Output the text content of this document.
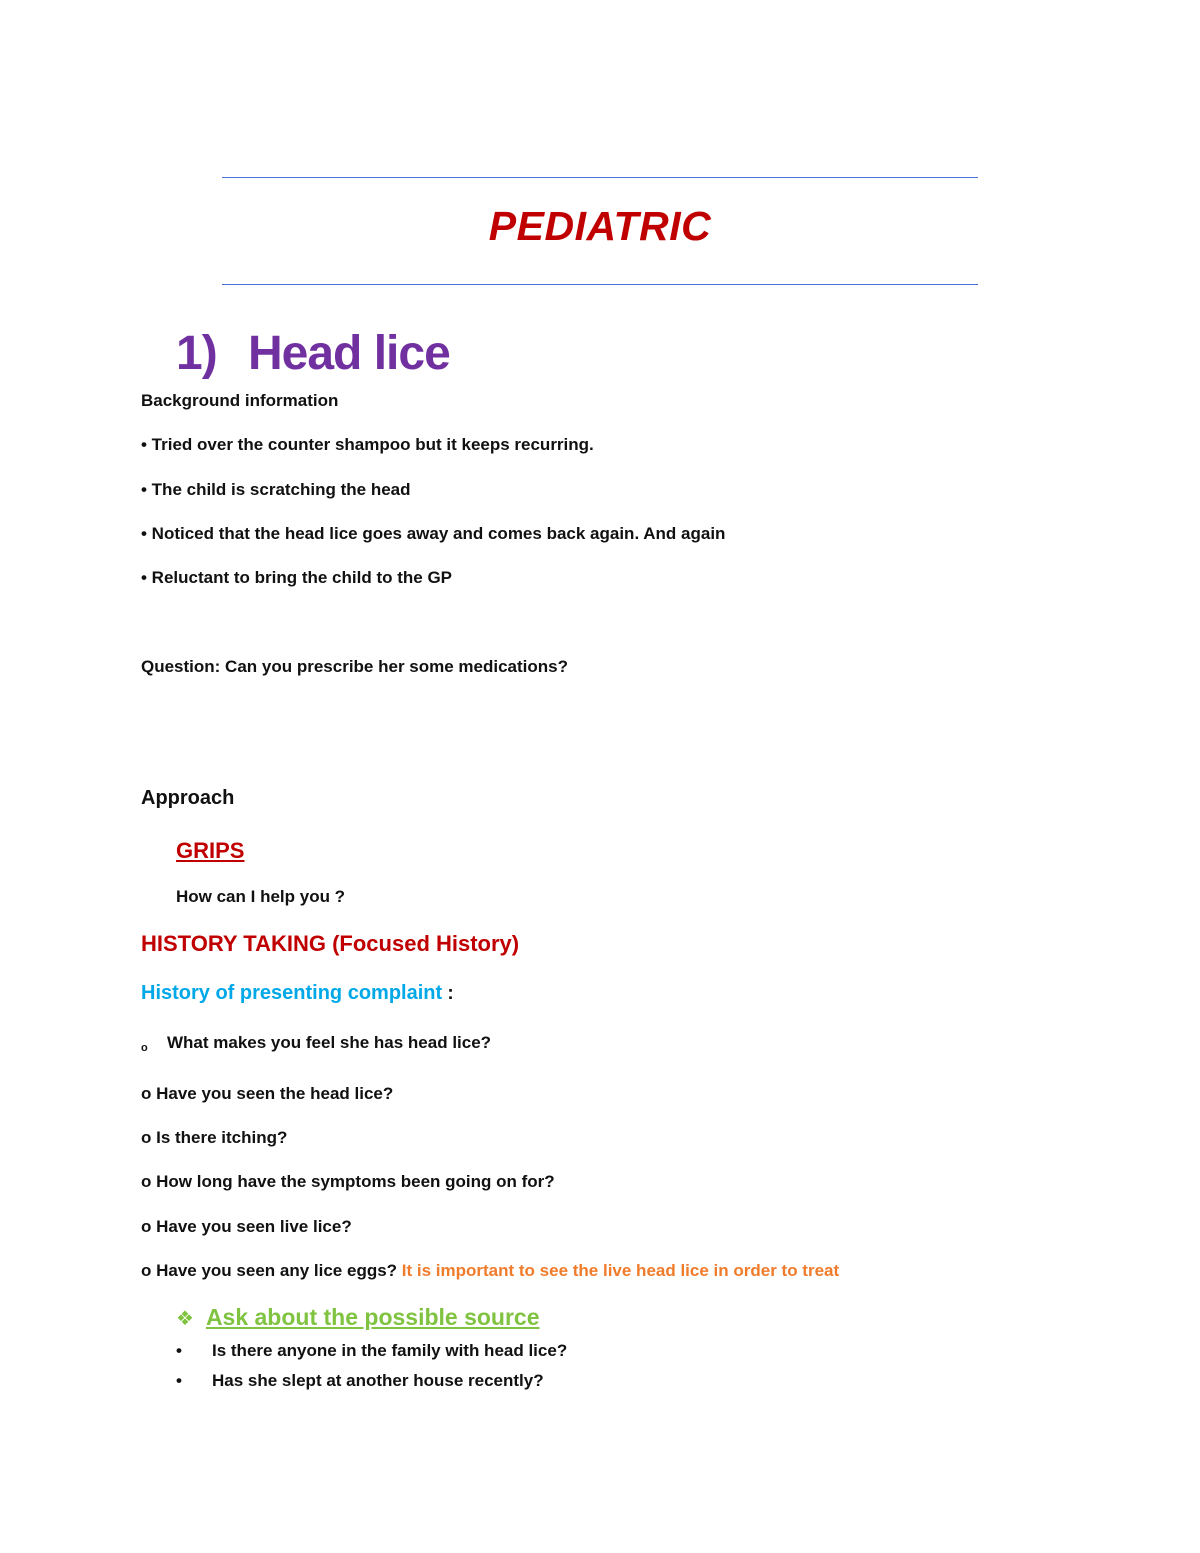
PEDIATRIC
1) Head lice
Background information
• Tried over the counter shampoo but it keeps recurring.
• The child is scratching the head
• Noticed that the head lice goes away and comes back again. And again
• Reluctant to bring the child to the GP
Question: Can you prescribe her some medications?
Approach
GRIPS
How can I help you ?
HISTORY TAKING (Focused History)
History of presenting complaint :
o What makes you feel she has head lice?
o Have you seen the head lice?
o Is there itching?
o How long have the symptoms been going on for?
o Have you seen live lice?
o Have you seen any lice eggs? It is important to see the live head lice in order to treat
❖ Ask about the possible source
• Is there anyone in the family with head lice?
• Has she slept at another house recently?
